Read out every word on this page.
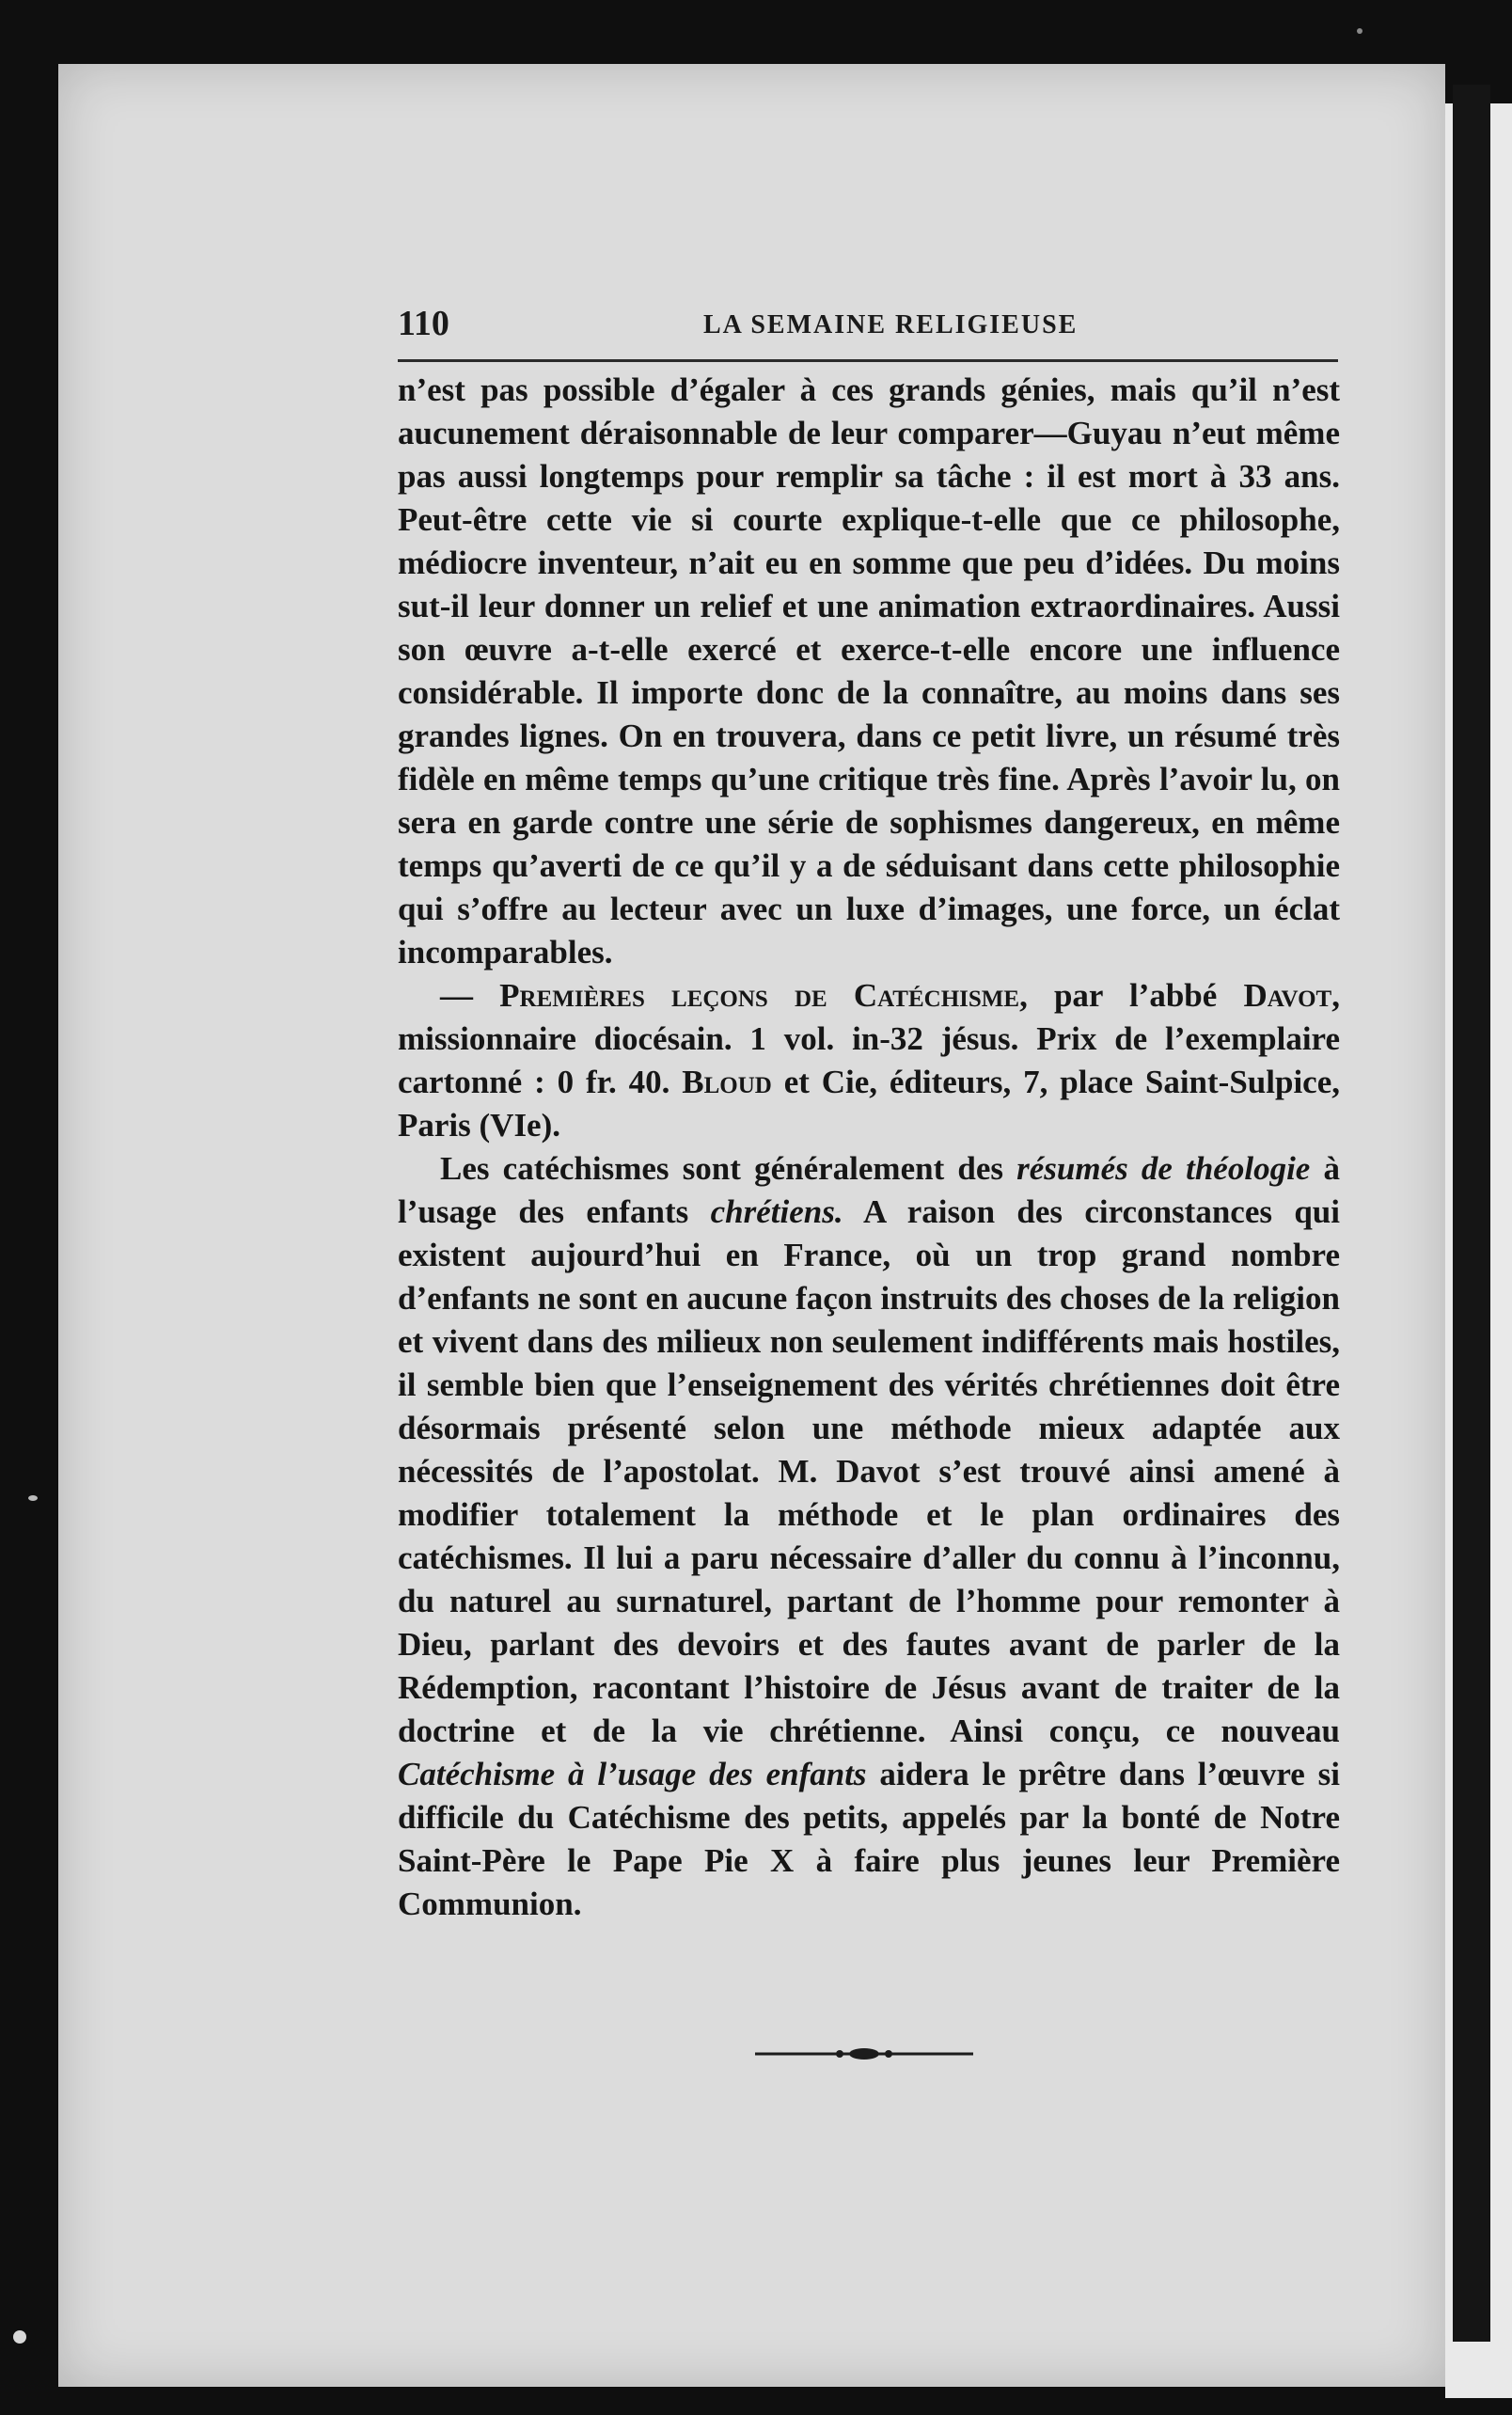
110	LA SEMAINE RELIGIEUSE

n’est pas possible d’égaler à ces grands génies, mais qu’il n’est aucunement déraisonnable de leur comparer—Guyau n’eut même pas aussi longtemps pour remplir sa tâche : il est mort à 33 ans. Peut-être cette vie si courte explique-t-elle que ce philosophe, médiocre inventeur, n’ait eu en somme que peu d’idées. Du moins sut-il leur donner un relief et une animation extraordinaires. Aussi son œuvre a-t-elle exercé et exerce-t-elle encore une influence considérable. Il importe donc de la connaître, au moins dans ses grandes lignes. On en trouvera, dans ce petit livre, un résumé très fidèle en même temps qu’une critique très fine. Après l’avoir lu, on sera en garde contre une série de sophismes dangereux, en même temps qu’averti de ce qu’il y a de séduisant dans cette philosophie qui s’offre au lecteur avec un luxe d’images, une force, un éclat incomparables.

— Premières leçons de Catéchisme, par l’abbé Davot, missionnaire diocésain. 1 vol. in-32 jésus. Prix de l’exemplaire cartonné : 0 fr. 40. Bloud et Cie, éditeurs, 7, place Saint-Sulpice, Paris (VIe).

Les catéchismes sont généralement des résumés de théologie à l’usage des enfants chrétiens. A raison des circonstances qui existent aujourd’hui en France, où un trop grand nombre d’enfants ne sont en aucune façon instruits des choses de la religion et vivent dans des milieux non seulement indifférents mais hostiles, il semble bien que l’enseignement des vérités chrétiennes doit être désormais présenté selon une méthode mieux adaptée aux nécessités de l’apostolat. M. Davot s’est trouvé ainsi amené à modifier totalement la méthode et le plan ordinaires des catéchismes. Il lui a paru nécessaire d’aller du connu à l’inconnu, du naturel au surnaturel, partant de l’homme pour remonter à Dieu, parlant des devoirs et des fautes avant de parler de la Rédemption, racontant l’histoire de Jésus avant de traiter de la doctrine et de la vie chrétienne. Ainsi conçu, ce nouveau Catéchisme à l’usage des enfants aidera le prêtre dans l’œuvre si difficile du Catéchisme des petits, appelés par la bonté de Notre Saint-Père le Pape Pie X à faire plus jeunes leur Première Communion.
